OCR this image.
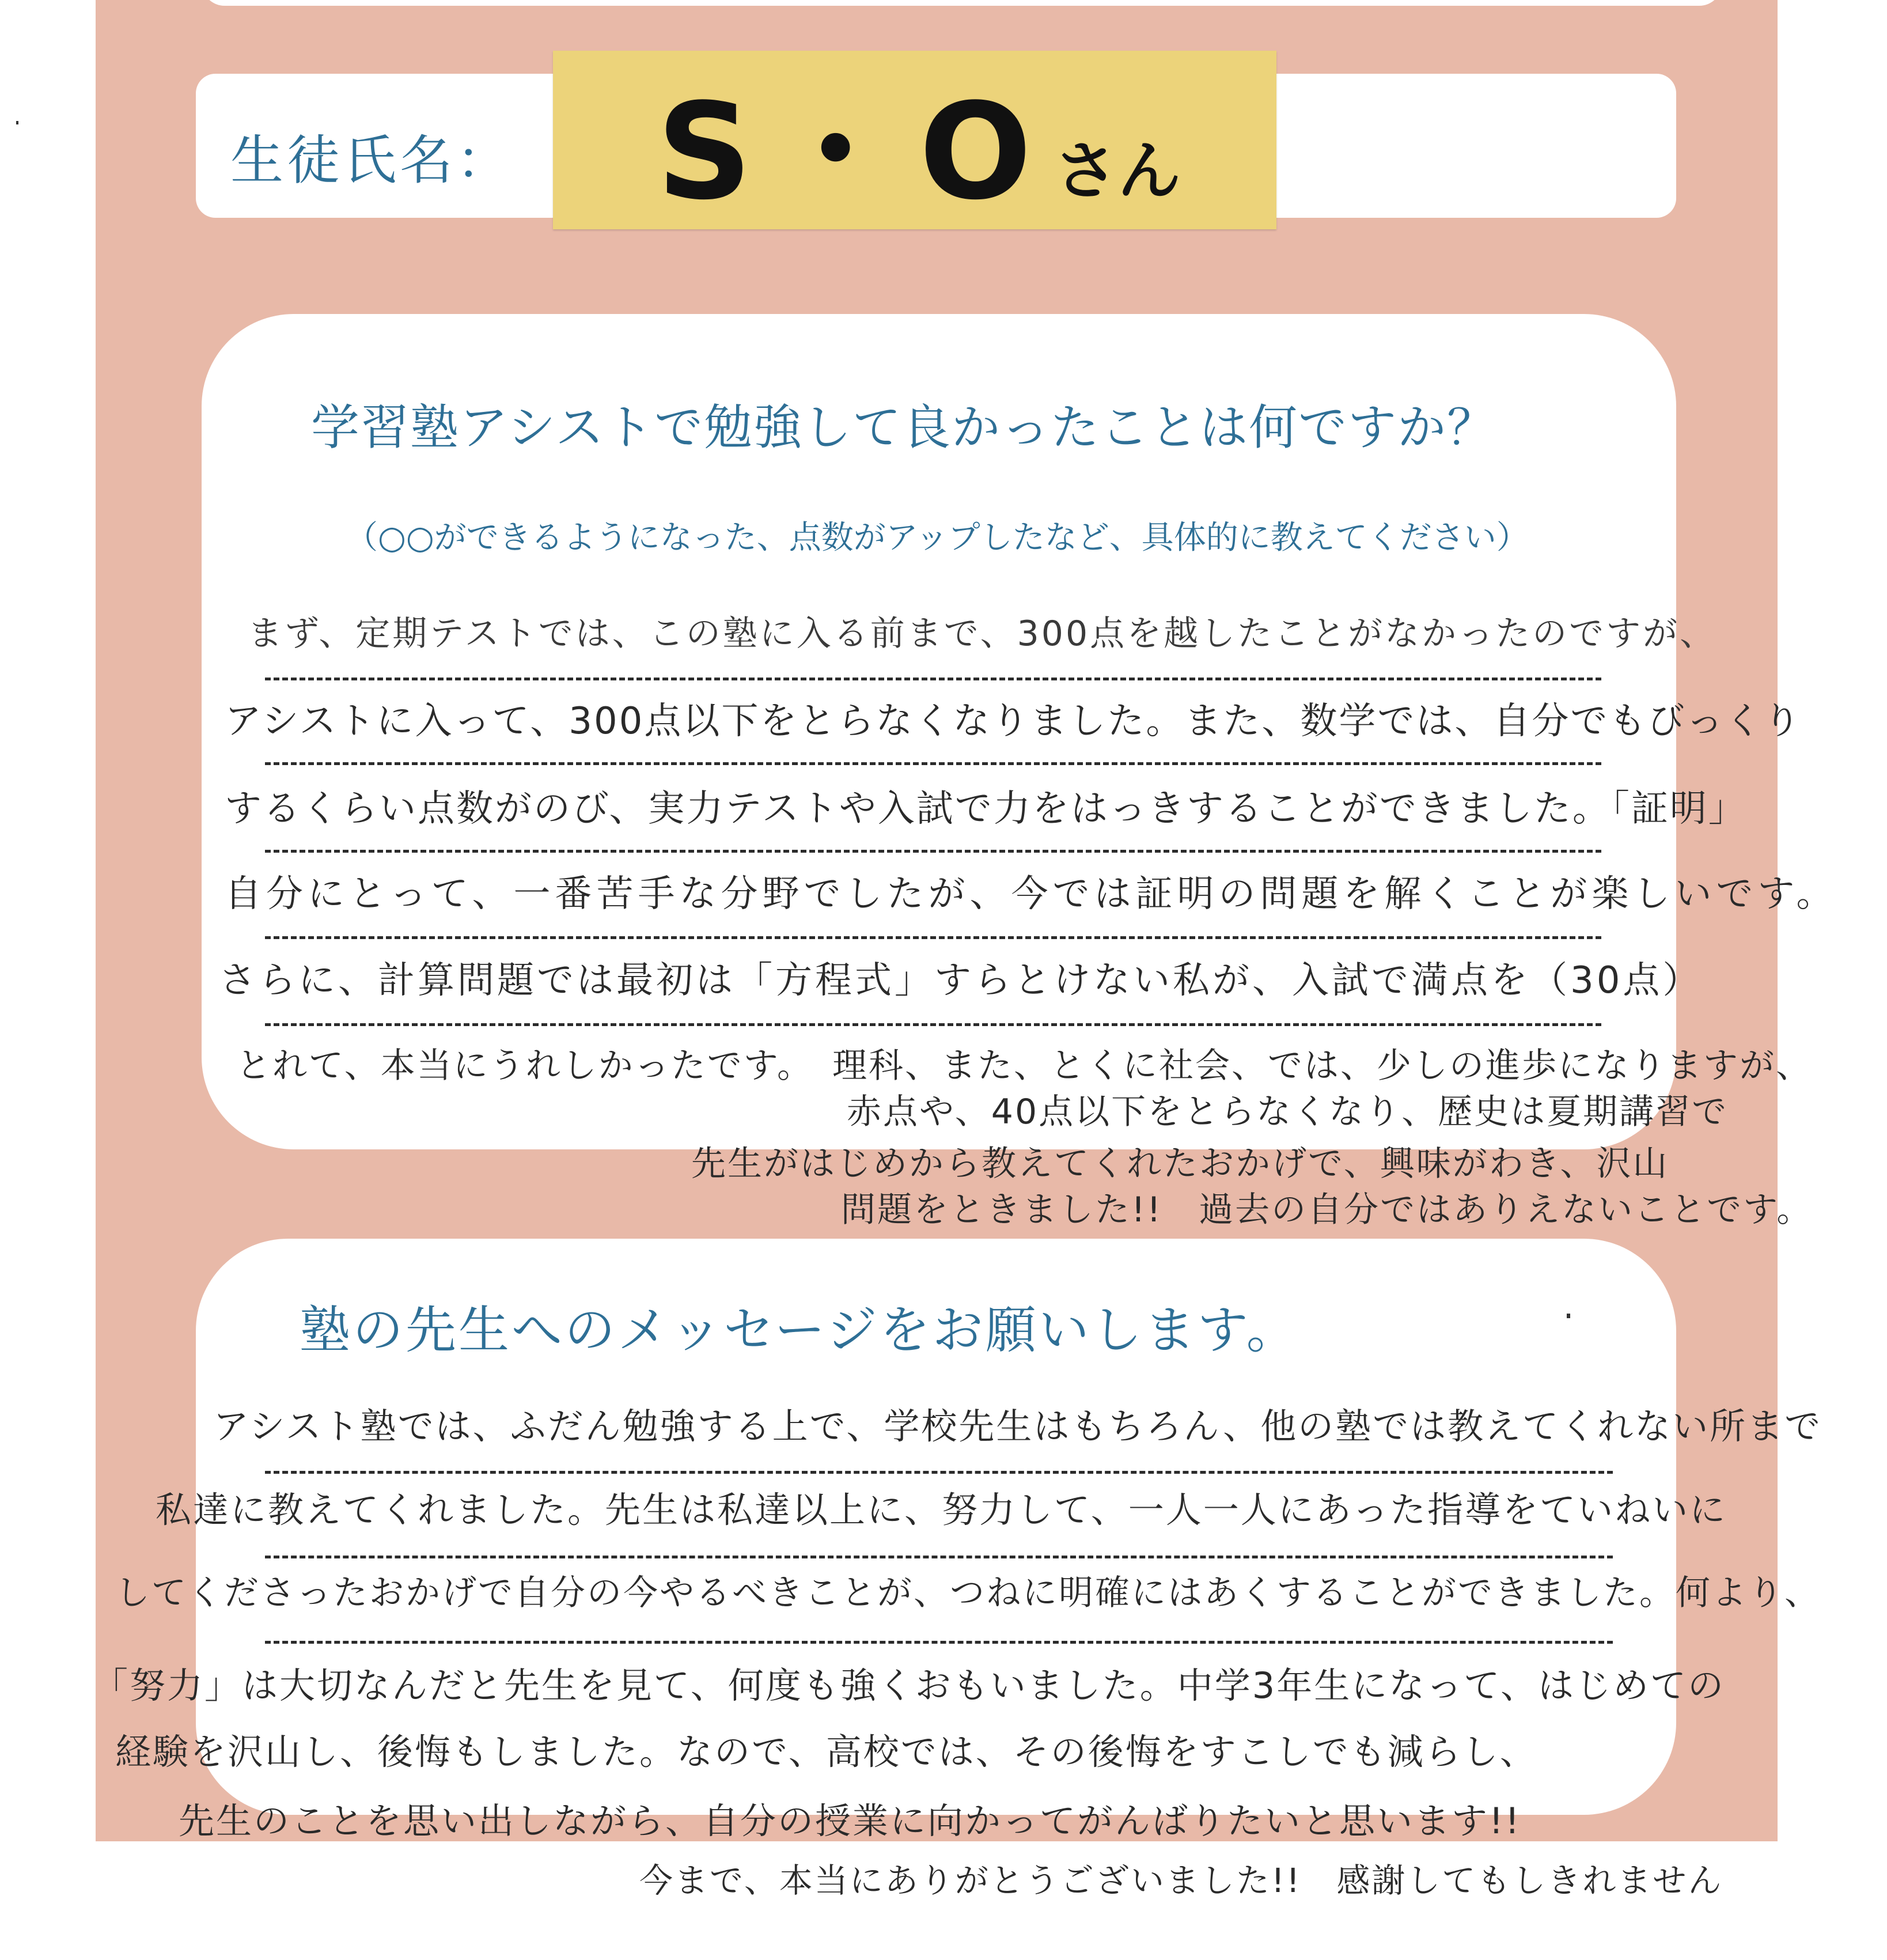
生徒氏名： S・O さん
学習塾アシストで勉強して良かったことは何ですか？
（○○ができるようになった、点数がアップしたなど、具体的に教えてください）
まず、定期テストでは、この塾に入る前まで、300点を越したことがなかったのですが、
アシストに入って、300点以下をとらなくなりました。また、数学では、自分でもびっくり
するくらい点数がのび、実力テストや入試で力をはっきすることができました。「証明」
自分にとって、一番苦手な分野でしたが、今では証明の問題を解くことが楽しいです。
さらに、計算問題では最初は「方程式」すらとけない私が、入試で満点を（30点）
とれて、本当にうれしかったです。　理科、また、とくに社会、では、少しの進歩になりますが、
赤点や、40点以下をとらなくなり、歴史は夏期講習で
先生がはじめから教えてくれたおかげで、興味がわき、沢山
問題をときました!!　過去の自分ではありえないことです。
塾の先生へのメッセージをお願いします。
アシスト塾では、ふだん勉強する上で、学校先生はもちろん、他の塾では教えてくれない所まで
私達に教えてくれました。先生は私達以上に、努力して、一人一人にあった指導をていねいに
してくださったおかげで自分の今やるべきことが、つねに明確にはあくすることができました。何より、
「努力」は大切なんだと先生を見て、何度も強くおもいました。中学3年生になって、はじめての
経験を沢山し、後悔もしました。なので、高校では、その後悔をすこしでも減らし、
先生のことを思い出しながら、自分の授業に向かってがんばりたいと思います!!
今まで、本当にありがとうございました!!　感謝してもしきれません
